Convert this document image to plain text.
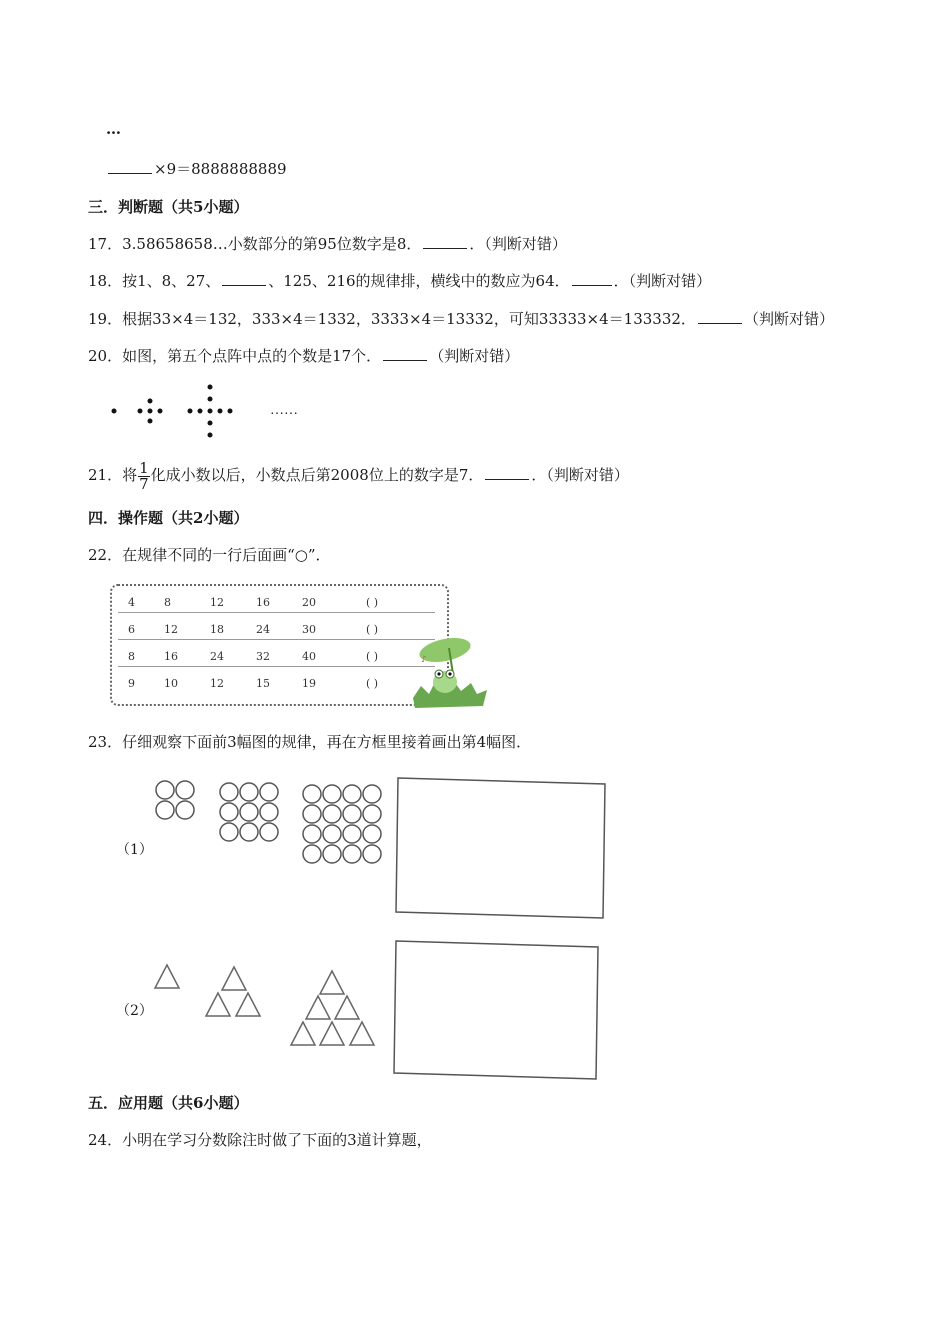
…
×9＝8888888889
三．判断题（共5小题）
17．3.58658658…小数部分的第95位数字是8．	．（判断对错）
18．按1、8、27、	、125、216的规律排，横线中的数应为64．	．（判断对错）
19．根据33×4＝132，333×4＝1332，3333×4＝13332，可知33333×4＝133332．	（判断对错）
20．如图，第五个点阵中点的个数是17个．	（判断对错）
……
21．将 $\frac{1}{7}$ 化成小数以后，小数点后第2008位上的数字是7．	．（判断对错）
四．操作题（共2小题）
22．在规律不同的一行后面画“○”．
4	8	12	16	20	( )
6	12	18	24	30	( )
8	16	24	32	40	( )
9	10	12	15	19	( )
♪
23．仔细观察下面前3幅图的规律，再在方框里接着画出第4幅图．
（1）
（2）
五．应用题（共6小题）
24．小明在学习分数除注时做了下面的3道计算题，
